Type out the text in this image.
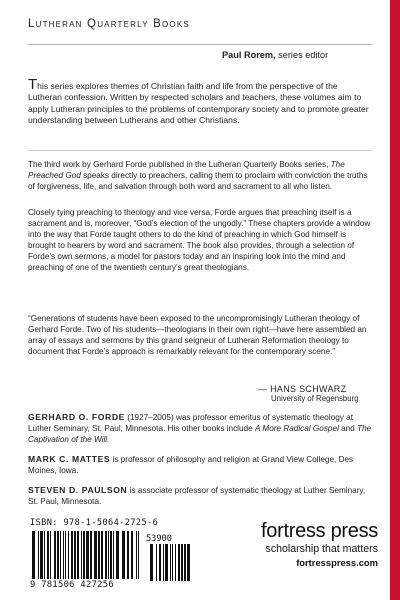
Lutheran Quarterly Books
Paul Rorem, series editor
This series explores themes of Christian faith and life from the perspective of the Lutheran confession. Written by respected scholars and teachers, these volumes aim to apply Lutheran principles to the problems of contemporary society and to promote greater understanding between Lutherans and other Christians.

The third work by Gerhard Forde published in the Lutheran Quarterly Books series, The Preached God speaks directly to preachers, calling them to proclaim with conviction the truths of forgiveness, life, and salvation through both word and sacrament to all who listen.

Closely tying preaching to theology and vice versa, Forde argues that preaching itself is a sacrament and is, moreover, “God’s election of the ungodly.” These chapters provide a window into the way that Forde taught others to do the kind of preaching in which God himself is brought to hearers by word and sacrament. The book also provides, through a selection of Forde’s own sermons, a model for pastors today and an inspiring look into the mind and preaching of one of the twentieth century’s great theologians.

“Generations of students have been exposed to the uncompromisingly Lutheran theology of Gerhard Forde. Two of his students—theologians in their own right—have here assembled an array of essays and sermons by this grand seigneur of Lutheran Reformation theology to document that Forde’s approach is remarkably relevant for the contemporary scene.”

— HANS SCHWARZ
University of Regensburg
GERHARD O. FORDE (1927–2005) was professor emeritus of systematic theology at Luther Seminary, St. Paul, Minnesota. His other books include A More Radical Gospel and The Captivation of the Will.
MARK C. MATTES is professor of philosophy and religion at Grand View College, Des Moines, Iowa.
STEVEN D. PAULSON is associate professor of systematic theology at Luther Seminary, St. Paul, Minnesota.
ISBN: 978-1-5064-2725-6
53900
9 781506 427256
fortress press
scholarship that matters
fortresspress.com
